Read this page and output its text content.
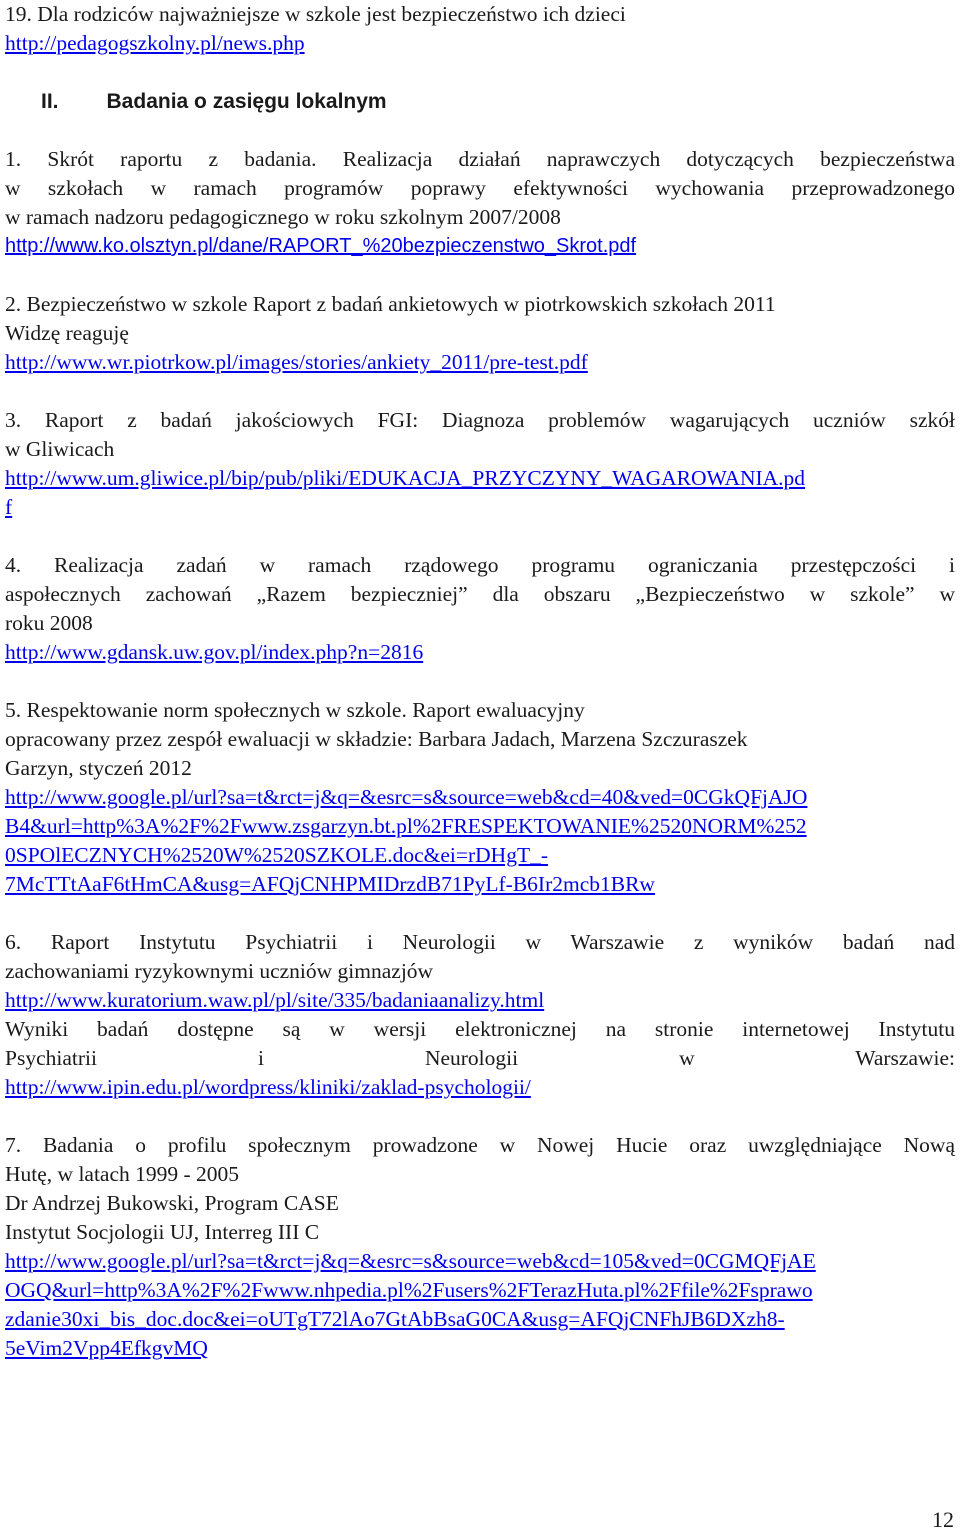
19. Dla rodziców najważniejsze w szkole jest bezpieczeństwo ich dzieci
http://pedagogszkolny.pl/news.php
II. Badania o zasięgu lokalnym
1. Skrót raportu z badania. Realizacja działań naprawczych dotyczących bezpieczeństwa
w szkołach w ramach programów poprawy efektywności wychowania przeprowadzonego
w ramach nadzoru pedagogicznego w roku szkolnym 2007/2008
http://www.ko.olsztyn.pl/dane/RAPORT_%20bezpieczenstwo_Skrot.pdf
2. Bezpieczeństwo w szkole Raport z badań ankietowych w piotrkowskich szkołach 2011
Widzę reaguję
http://www.wr.piotrkow.pl/images/stories/ankiety_2011/pre-test.pdf
3. Raport z badań jakościowych FGI: Diagnoza problemów wagarujących uczniów szkół
w Gliwicach
http://www.um.gliwice.pl/bip/pub/pliki/EDUKACJA_PRZYCZYNY_WAGAROWANIA.pd
f
4. Realizacja zadań w ramach rządowego programu ograniczania przestępczości i
aspołecznych zachowań „Razem bezpieczniej” dla obszaru „Bezpieczeństwo w szkole” w
roku 2008
http://www.gdansk.uw.gov.pl/index.php?n=2816
5. Respektowanie norm społecznych w szkole. Raport ewaluacyjny
opracowany przez zespół ewaluacji w składzie: Barbara Jadach, Marzena Szczuraszek
Garzyn, styczeń 2012
http://www.google.pl/url?sa=t&rct=j&q=&esrc=s&source=web&cd=40&ved=0CGkQFjAJO
B4&url=http%3A%2F%2Fwww.zsgarzyn.bt.pl%2FRESPEKTOWANIE%2520NORM%252
0SPOlECZNYCH%2520W%2520SZKOLE.doc&ei=rDHgT_-
7McTTtAaF6tHmCA&usg=AFQjCNHPMIDrzdB71PyLf-B6Ir2mcb1BRw
6. Raport Instytutu Psychiatrii i Neurologii w Warszawie z wyników badań nad
zachowaniami ryzykownymi uczniów gimnazjów
http://www.kuratorium.waw.pl/pl/site/335/badaniaanalizy.html
Wyniki badań dostępne są w wersji elektronicznej na stronie internetowej Instytutu
Psychiatrii i Neurologii w Warszawie:
http://www.ipin.edu.pl/wordpress/kliniki/zaklad-psychologii/
7. Badania o profilu społecznym prowadzone w Nowej Hucie oraz uwzględniające Nową
Hutę, w latach 1999 - 2005
Dr Andrzej Bukowski, Program CASE
Instytut Socjologii UJ, Interreg III C
http://www.google.pl/url?sa=t&rct=j&q=&esrc=s&source=web&cd=105&ved=0CGMQFjAE
OGQ&url=http%3A%2F%2Fwww.nhpedia.pl%2Fusers%2FTerazHuta.pl%2Ffile%2Fsprawo
zdanie30xi_bis_doc.doc&ei=oUTgT72lAo7GtAbBsaG0CA&usg=AFQjCNFhJB6DXzh8-
5eVim2Vpp4EfkgvMQ
12
